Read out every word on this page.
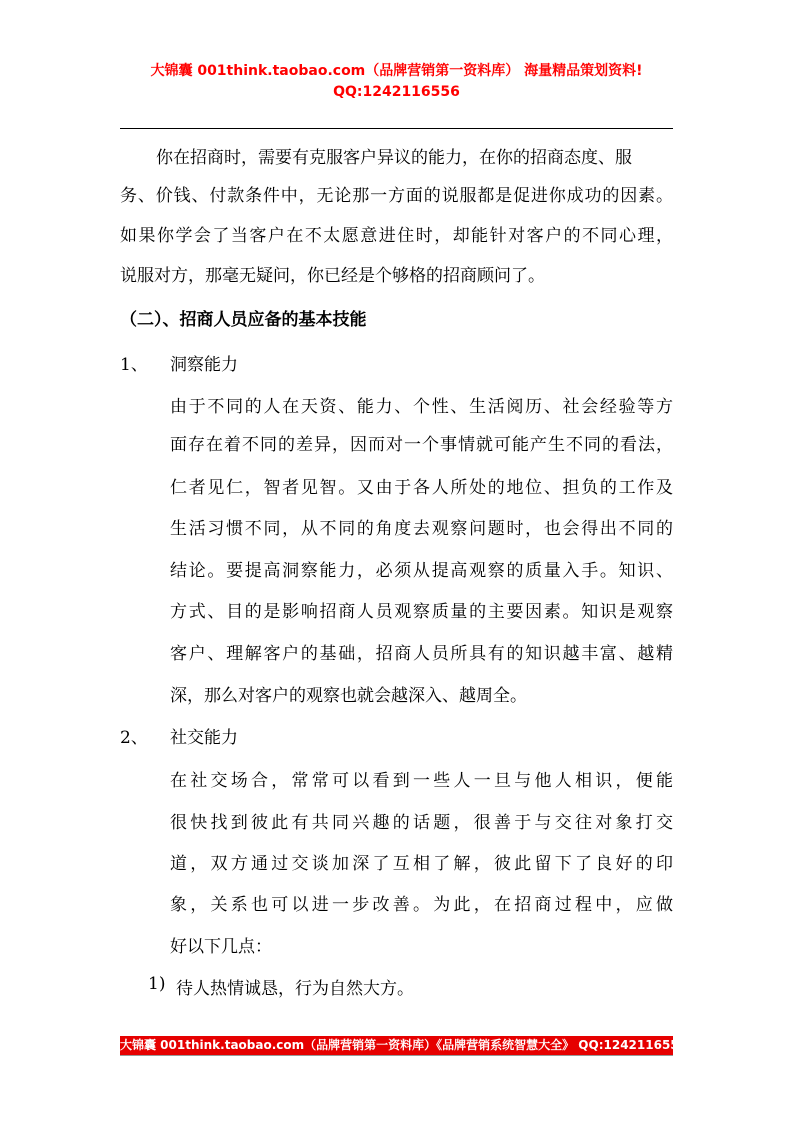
大锦囊 001think.taobao.com（品牌营销第一资料库） 海量精品策划资料!
QQ:1242116556
你在招商时，需要有克服客户异议的能力，在你的招商态度、服
务、价钱、付款条件中，无论那一方面的说服都是促进你成功的因素。
如果你学会了当客户在不太愿意进住时，却能针对客户的不同心理，
说服对方，那毫无疑问，你已经是个够格的招商顾问了。
（二）、招商人员应备的基本技能
1、 洞察能力
由于不同的人在天资、能力、个性、生活阅历、社会经验等方
面存在着不同的差异，因而对一个事情就可能产生不同的看法，
仁者见仁，智者见智。又由于各人所处的地位、担负的工作及
生活习惯不同，从不同的角度去观察问题时，也会得出不同的
结论。要提高洞察能力，必须从提高观察的质量入手。知识、
方式、目的是影响招商人员观察质量的主要因素。知识是观察
客户、理解客户的基础，招商人员所具有的知识越丰富、越精
深，那么对客户的观察也就会越深入、越周全。
2、 社交能力
在社交场合，常常可以看到一些人一旦与他人相识，便能
很快找到彼此有共同兴趣的话题，很善于与交往对象打交
道，双方通过交谈加深了互相了解，彼此留下了良好的印
象，关系也可以进一步改善。为此，在招商过程中，应做
好以下几点：
1) 待人热情诚恳，行为自然大方。
大锦囊 001think.taobao.com（品牌营销第一资料库）《品牌营销系统智慧大全》 QQ:1242116556
